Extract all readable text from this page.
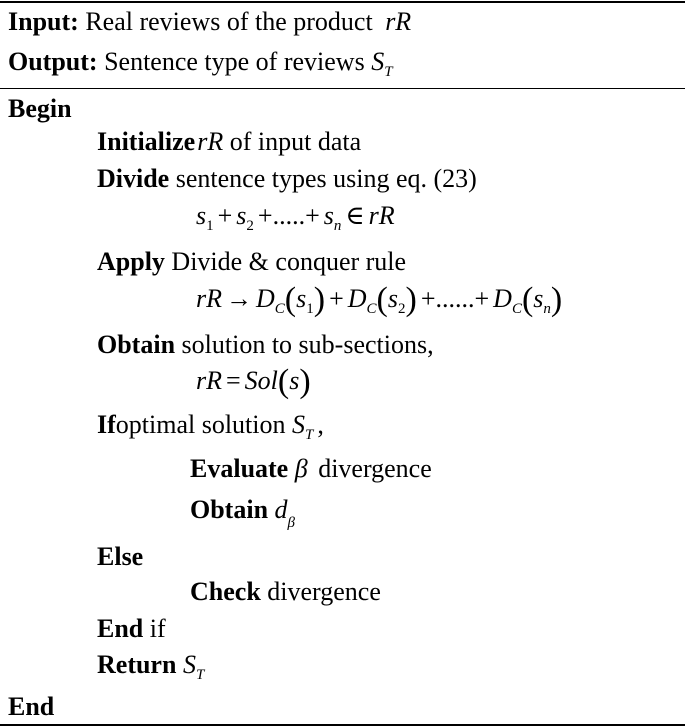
Input: Real reviews of the product rR
Output: Sentence type of reviews $S_T$
Begin
InitializerR of input data
Divide sentence types using eq. (23)
$s_1 + s_2$ +.....+ $s_n$ ∈ rR
Apply Divide & conquer rule
rR → $D_C(s_1) + D_C(s_2)$ +......+ $D_C(s_n)$
Obtain solution to sub-sections,
rR = Sol(s)
Ifoptimal solution $S_T$ ,
Evaluate β divergence
Obtain $d_\beta$
Else
Check divergence
End if
Return $S_T$
End
